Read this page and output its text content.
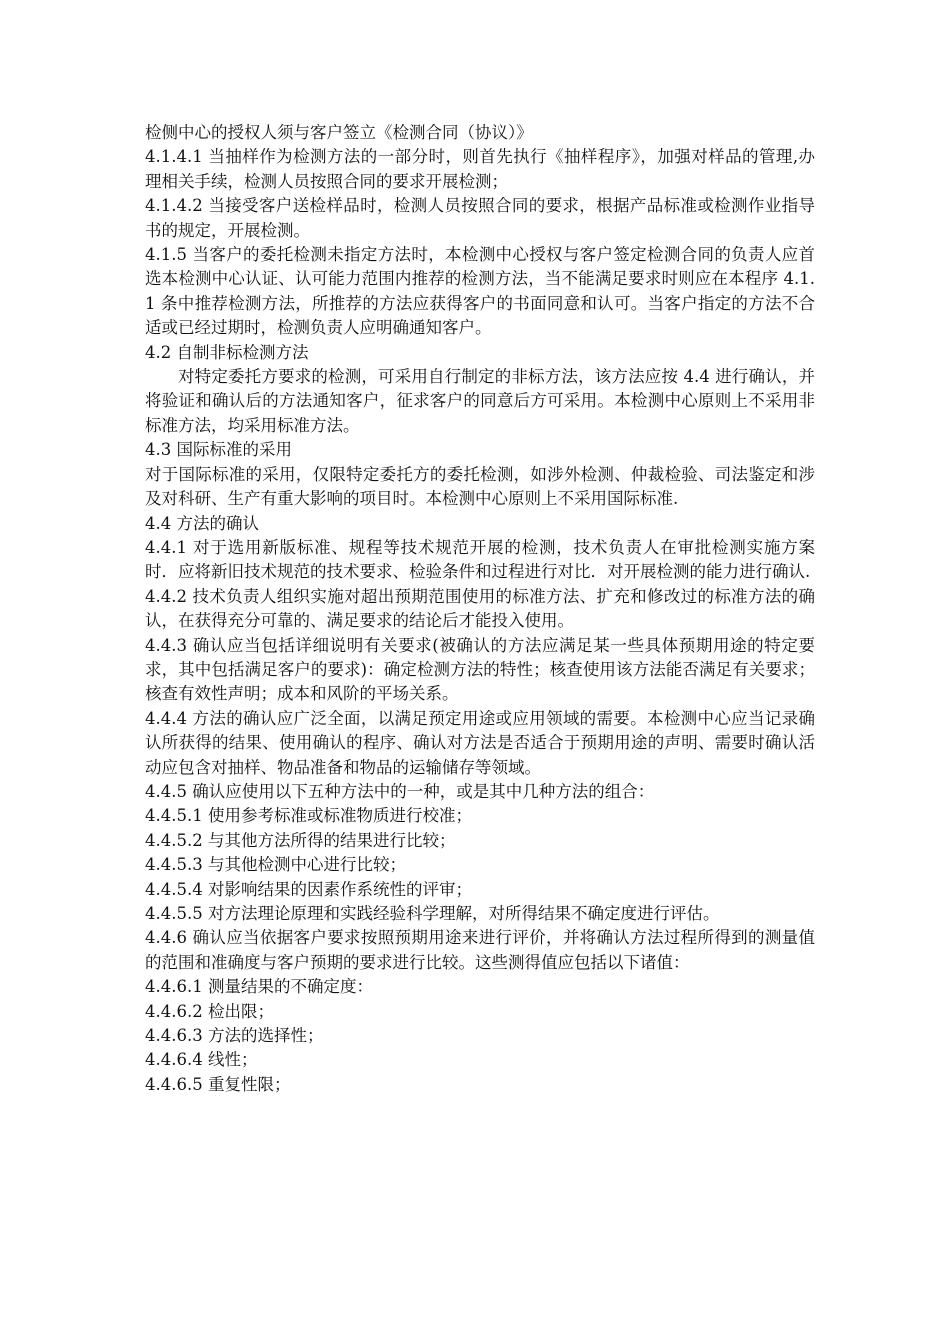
检侧中心的授权人须与客户签立《检测合同（协议）》

4.1.4.1 当抽样作为检测方法的一部分时，则首先执行《抽样程序》，加强对样品的管理,办理相关手续，检测人员按照合同的要求开展检测；

4.1.4.2 当接受客户送检样品时，检测人员按照合同的要求，根据产品标准或检测作业指导书的规定，开展检测。

4.1.5 当客户的委托检测未指定方法时，本检测中心授权与客户签定检测合同的负责人应首选本检测中心认证、认可能力范围内推荐的检测方法，当不能满足要求时则应在本程序 4.1.1 条中推荐检测方法，所推荐的方法应获得客户的书面同意和认可。当客户指定的方法不合适或已经过期时，检测负责人应明确通知客户。

4.2 自制非标检测方法

对特定委托方要求的检测，可采用自行制定的非标方法，该方法应按 4.4 进行确认，并将验证和确认后的方法通知客户，征求客户的同意后方可采用。本检测中心原则上不采用非标准方法，均采用标准方法。

4.3 国际标准的采用

对于国际标准的采用，仅限特定委托方的委托检测，如涉外检测、仲裁检验、司法鉴定和涉及对科研、生产有重大影响的项目时。本检测中心原则上不采用国际标准.

4.4 方法的确认

4.4.1 对于选用新版标准、规程等技术规范开展的检测，技术负责人在审批检测实施方案时．应将新旧技术规范的技术要求、检验条件和过程进行对比．对开展检测的能力进行确认.

4.4.2 技术负责人组织实施对超出预期范围使用的标准方法、扩充和修改过的标准方法的确认，在获得充分可靠的、满足要求的结论后才能投入使用。

4.4.3 确认应当包括详细说明有关要求(被确认的方法应满足某一些具体预期用途的特定要求，其中包括满足客户的要求)：确定检测方法的特性；核查使用该方法能否满足有关要求；核查有效性声明；成本和风阶的平场关系。

4.4.4 方法的确认应广泛全面，以满足预定用途或应用领域的需要。本检测中心应当记录确认所获得的结果、使用确认的程序、确认对方法是否适合于预期用途的声明、需要时确认活动应包含对抽样、物品准备和物品的运输储存等领域。

4.4.5 确认应使用以下五种方法中的一种，或是其中几种方法的组合：

4.4.5.1 使用参考标准或标准物质进行校准；

4.4.5.2 与其他方法所得的结果进行比较；

4.4.5.3 与其他检测中心进行比较；

4.4.5.4 对影响结果的因素作系统性的评审；

4.4.5.5 对方法理论原理和实践经验科学理解，对所得结果不确定度进行评估。

4.4.6 确认应当依据客户要求按照预期用途来进行评价，并将确认方法过程所得到的测量值的范围和准确度与客户预期的要求进行比较。这些测得值应包括以下诸值：

4.4.6.1 测量结果的不确定度：

4.4.6.2 检出限；

4.4.6.3 方法的选择性；

4.4.6.4 线性；

4.4.6.5 重复性限；
